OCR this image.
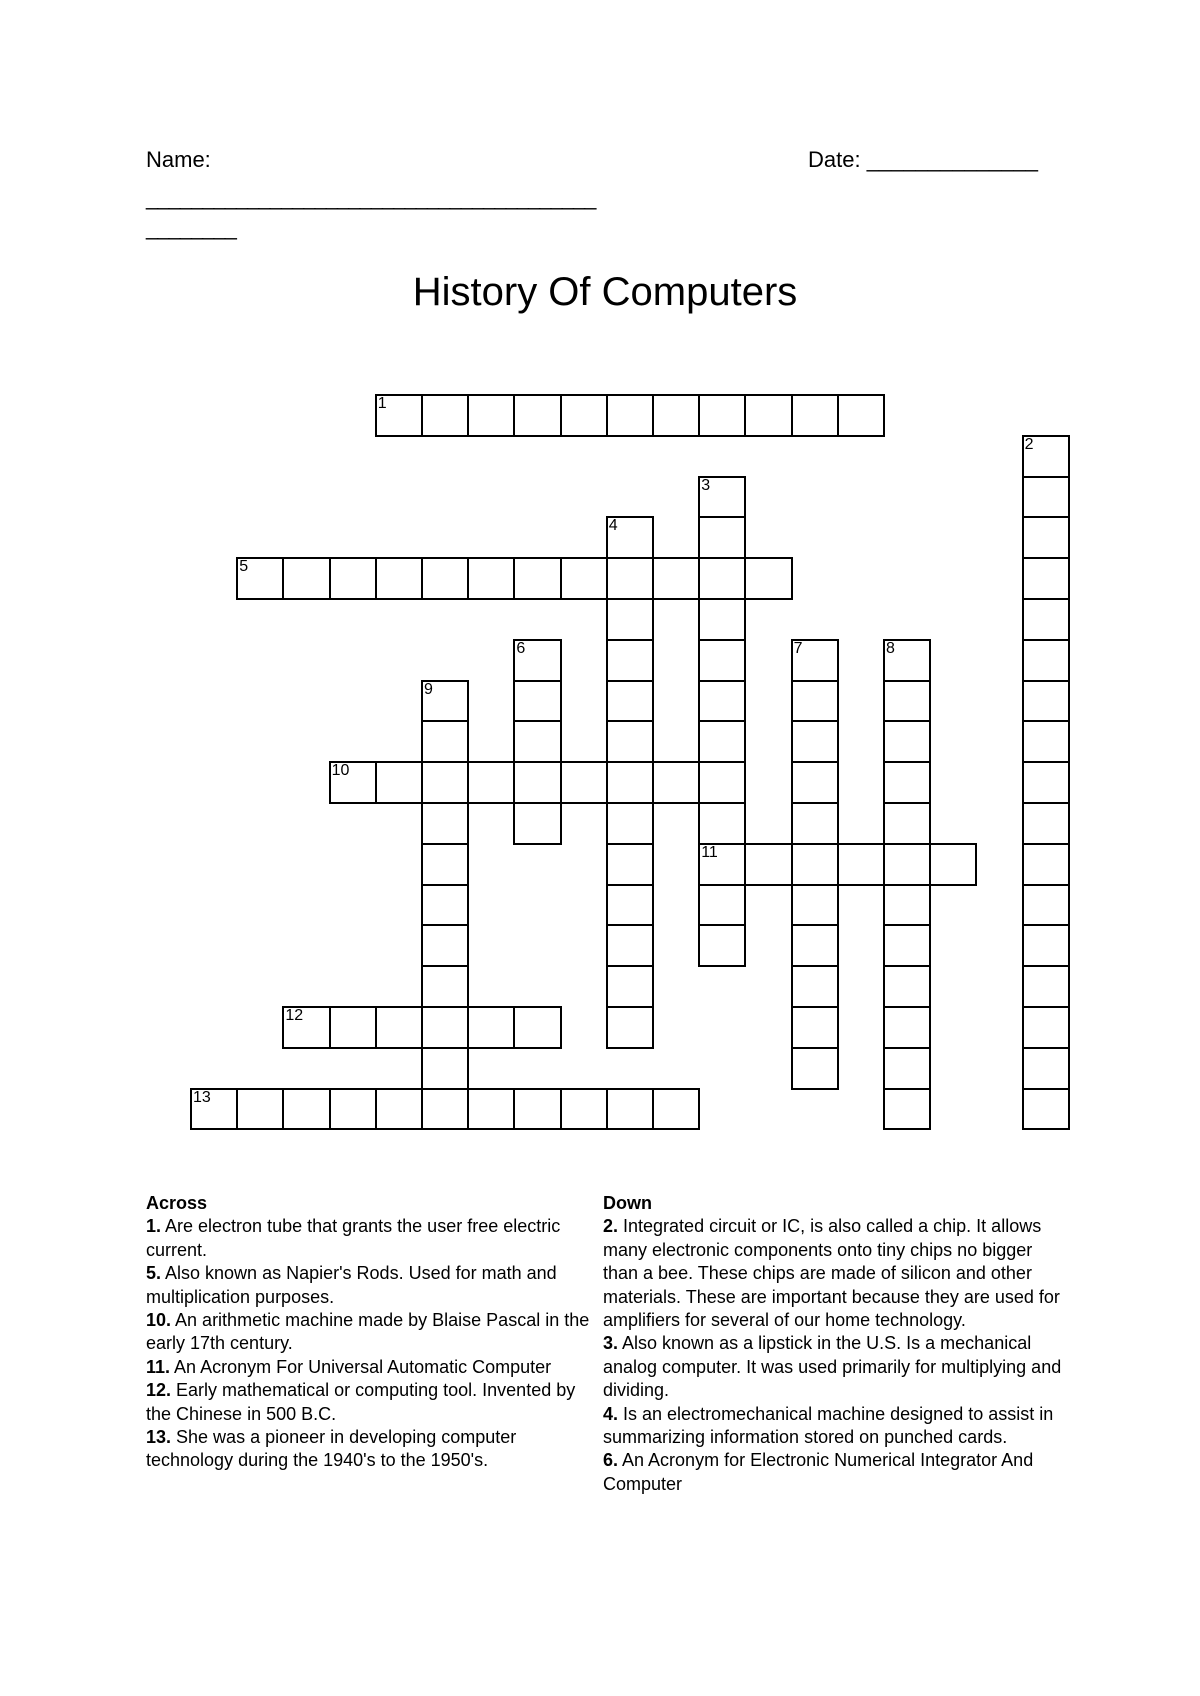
Name:
________________________________________________
Date: ______________
History Of Computers
1
2
3
11
4
5
6	7	8
9
10
12
13
Across

1. Are electron tube that grants the user free electric current.

5. Also known as Napier's Rods. Used for math and multiplication purposes.

10. An arithmetic machine made by Blaise Pascal in the early 17th century.

11. An Acronym For Universal Automatic Computer

12. Early mathematical or computing tool. Invented by the Chinese in 500 B.C.

13. She was a pioneer in developing computer technology during the 1940's to the 1950's.

Down

2. Integrated circuit or IC, is also called a chip. It allows many electronic components onto tiny chips no bigger than a bee. These chips are made of silicon and other materials. These are important because they are used for amplifiers for several of our home technology.

3. Also known as a lipstick in the U.S. Is a mechanical analog computer. It was used primarily for multiplying and dividing.

4. Is an electromechanical machine designed to assist in summarizing information stored on punched cards.

6. An Acronym for Electronic Numerical Integrator And Computer
